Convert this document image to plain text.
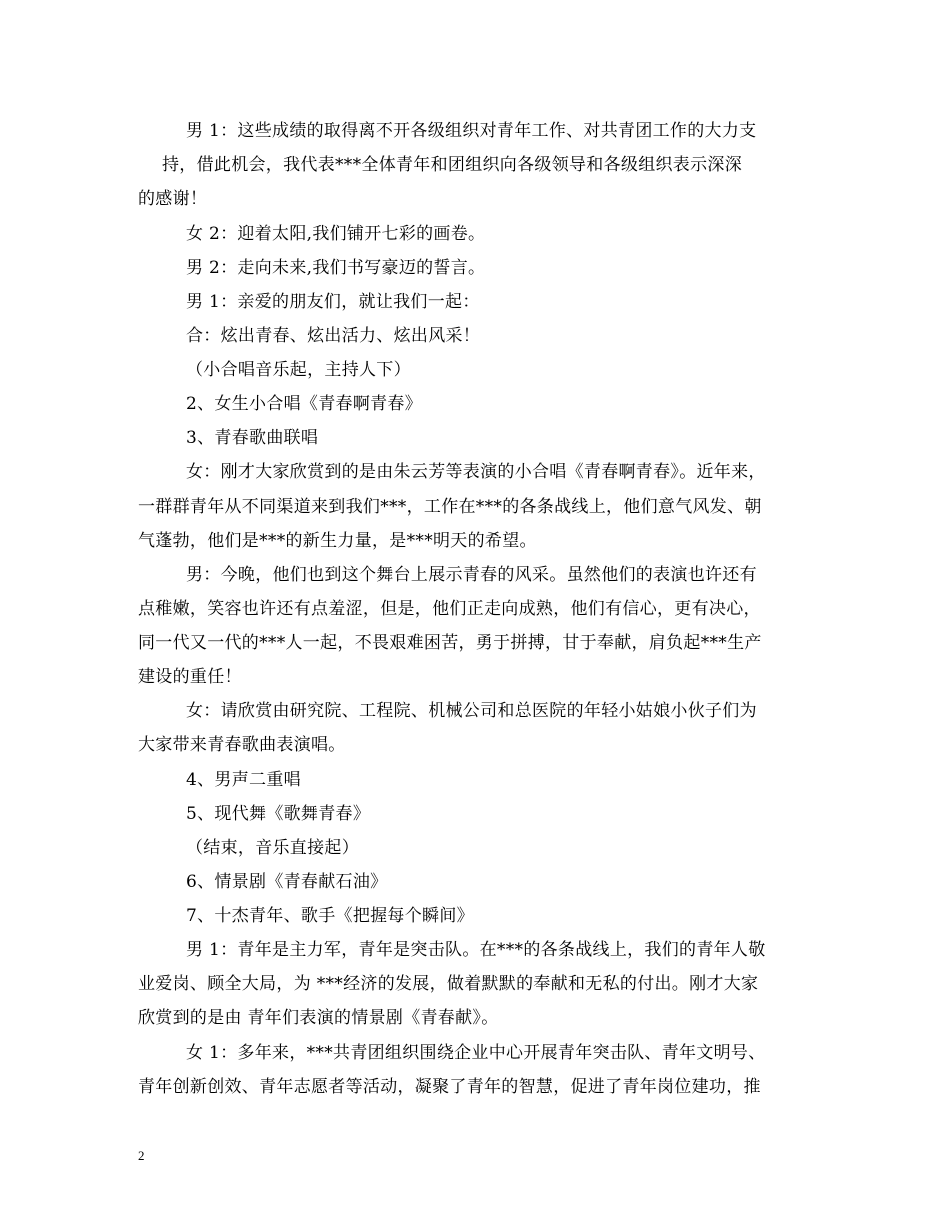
男 1：这些成绩的取得离不开各级组织对青年工作、对共青团工作的大力支
持，借此机会，我代表***全体青年和团组织向各级领导和各级组织表示深深
的感谢！
女 2：迎着太阳,我们铺开七彩的画卷。
男 2：走向未来,我们书写豪迈的誓言。
男 1：亲爱的朋友们，就让我们一起：
合：炫出青春、炫出活力、炫出风采！
（小合唱音乐起，主持人下）
2、女生小合唱《青春啊青春》
3、青春歌曲联唱
女：刚才大家欣赏到的是由朱云芳等表演的小合唱《青春啊青春》。近年来，
一群群青年从不同渠道来到我们***，工作在***的各条战线上，他们意气风发、朝
气蓬勃，他们是***的新生力量，是***明天的希望。
男：今晚，他们也到这个舞台上展示青春的风采。虽然他们的表演也许还有
点稚嫩，笑容也许还有点羞涩，但是，他们正走向成熟，他们有信心，更有决心，
同一代又一代的***人一起，不畏艰难困苦，勇于拼搏，甘于奉献，肩负起***生产
建设的重任！
女：请欣赏由研究院、工程院、机械公司和总医院的年轻小姑娘小伙子们为
大家带来青春歌曲表演唱。
4、男声二重唱
5、现代舞《歌舞青春》
（结束，音乐直接起）
6、情景剧《青春献石油》
7、十杰青年、歌手《把握每个瞬间》
男 1：青年是主力军，青年是突击队。在***的各条战线上，我们的青年人敬
业爱岗、顾全大局，为 ***经济的发展，做着默默的奉献和无私的付出。刚才大家
欣赏到的是由 青年们表演的情景剧《青春献》。
女 1：多年来，***共青团组织围绕企业中心开展青年突击队、青年文明号、
青年创新创效、青年志愿者等活动，凝聚了青年的智慧，促进了青年岗位建功，推
2
